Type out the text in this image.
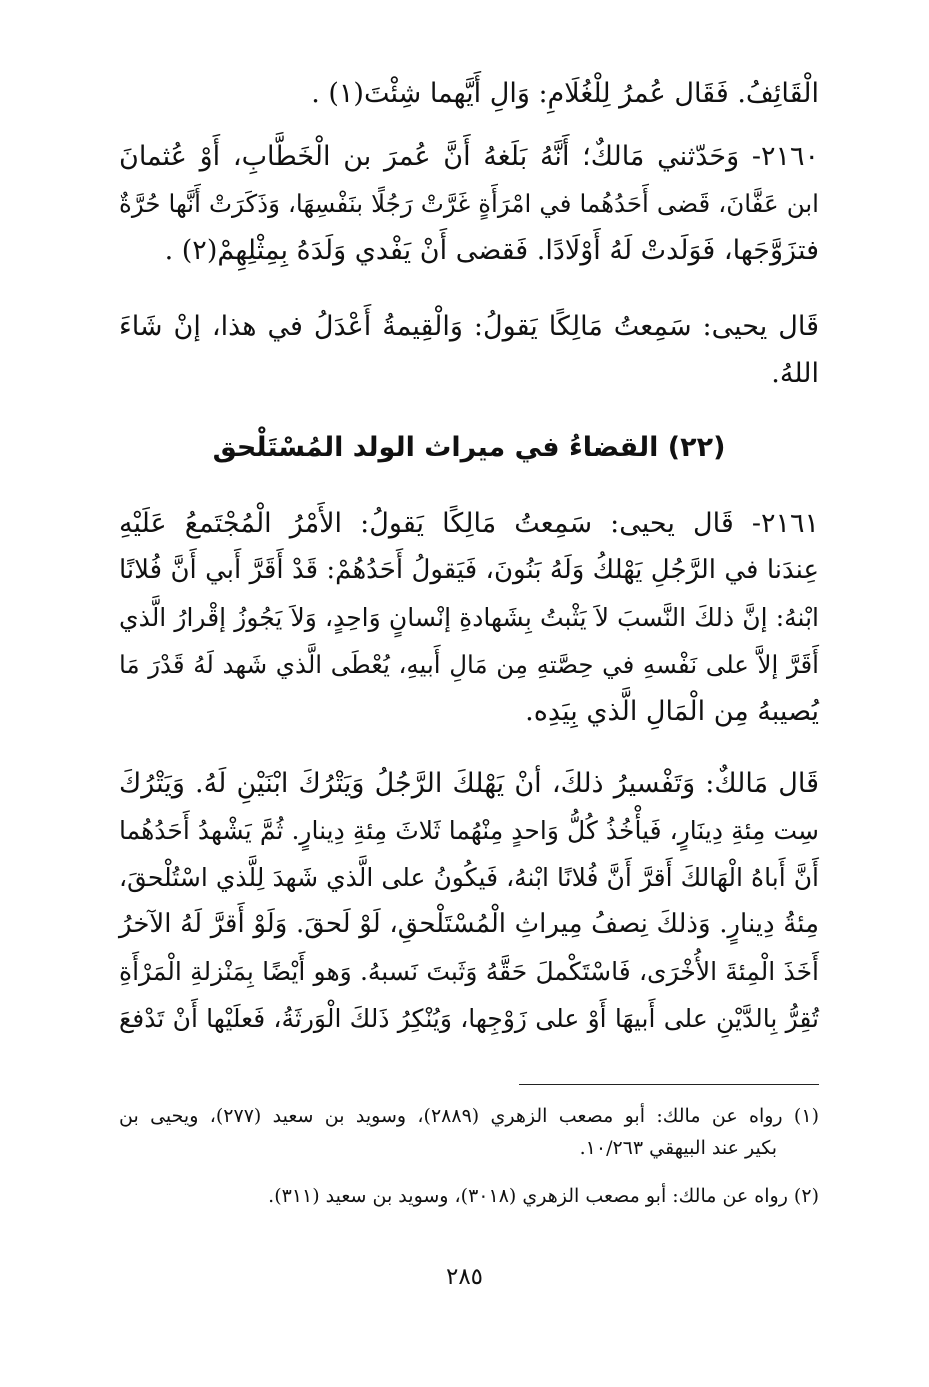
الْقَائِفُ. فَقَال عُمرُ لِلْغُلَامِ: وَالِ أَيَّهما شِئْتَ(١) .
٢١٦٠- وَحَدّثني مَالكٌ؛ أَنَّهُ بَلَغهُ أَنَّ عُمرَ بن الْخَطَّابِ، أَوْ عُثمانَ
ابن عَفَّانَ، قَضى أَحَدُهُما في امْرَأَةٍ غَرَّتْ رَجُلًا بنَفْسِهَا، وَذَكَرَتْ أَنَّها حُرَّةٌ
فتزَوَّجَها، فَوَلَدتْ لَهُ أَوْلَادًا. فَقضى أَنْ يَفْدي وَلَدَهُ بِمِثْلِهِمْ(٢) .
قَال يحيى: سَمِعتُ مَالِكًا يَقولُ: وَالْقِيمةُ أَعْدَلُ في هذا، إنْ شَاءَ
اللهُ.
(٢٢) القضاءُ في ميراث الولد المُسْتَلْحق
٢١٦١- قَال يحيى: سَمِعتُ مَالِكًا يَقولُ: الأَمْرُ الْمُجْتَمعُ عَلَيْهِ
عِندَنا في الرَّجُلِ يَهْلكُ وَلَهُ بَنُونَ، فَيَقولُ أَحَدُهُمْ: قَدْ أَقَرَّ أَبي أَنَّ فُلانًا
ابْنهُ: إنَّ ذلكَ النَّسبَ لاَ يَثْبتُ بِشَهادةِ إنْسانٍ وَاحِدٍ، وَلاَ يَجُوزُ إقْرارُ الَّذي
أَقَرَّ إلاَّ على نَفْسهِ في حِصَّتهِ مِن مَالِ أَبيهِ، يُعْطَى الَّذي شَهد لَهُ قَدْرَ مَا
يُصيبهُ مِن الْمَالِ الَّذي بِيَدِه.
قَال مَالكٌ: وَتَفْسيرُ ذلكَ، أنْ يَهْلكَ الرَّجُلُ وَيَتْرُكَ ابْنَيْنِ لَهُ. وَيَتْرُكَ
سِت مِئةِ دِينَارٍ، فَيأْخُذُ كُلُّ وَاحدٍ مِنْهُما ثَلاثَ مِئةِ دِينارٍ. ثُمَّ يَشْهدُ أَحَدُهُما
أَنَّ أَباهُ الْهَالكَ أَقرَّ أَنَّ فُلانًا ابْنهُ، فَيكُونُ على الَّذي شَهدَ لِلَّذي اسْتُلْحقَ،
مِئةُ دِينارٍ. وَذلكَ نِصفُ مِيراثِ الْمُسْتَلْحقِ، لَوْ لَحقَ. وَلَوْ أَقرَّ لَهُ الآخرُ
أَخَذَ الْمِئةَ الأُخْرَى، فَاسْتَكْملَ حَقَّهُ وَثَبتَ نَسبهُ. وَهو أَيْضًا بِمَنْزلةِ الْمَرْأَةِ
تُقِرُّ بِالدَّيْنِ على أَبيهَا أَوْ على زَوْجِها، وَيُنْكِرُ ذَلكَ الْوَرثَةُ، فَعلَيْها أَنْ تَدْفعَ
(١) رواه عن مالك: أبو مصعب الزهري (٢٨٨٩)، وسويد بن سعيد (٢٧٧)، ويحيى بن
بكير عند البيهقي ١٠/٢٦٣.
(٢) رواه عن مالك: أبو مصعب الزهري (٣٠١٨)، وسويد بن سعيد (٣١١).
٢٨٥
